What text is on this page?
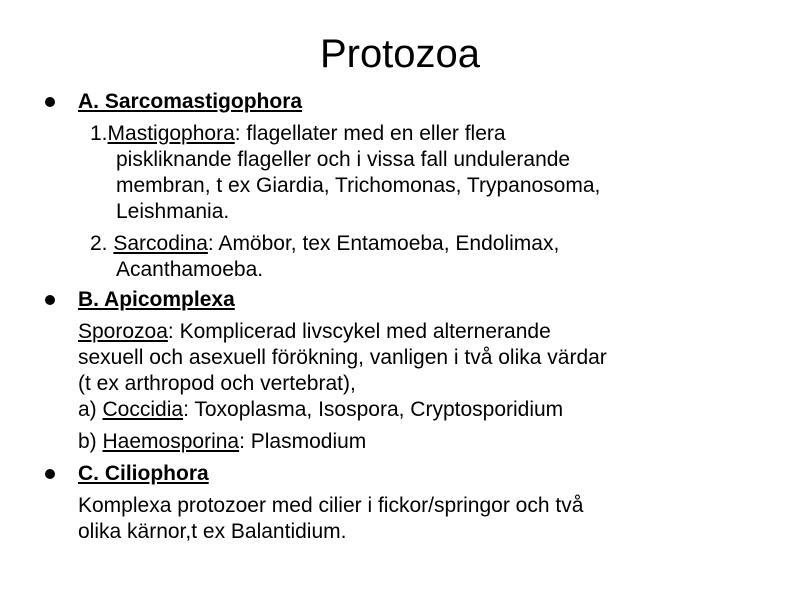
Protozoa
A. Sarcomastigophora
1.Mastigophora: flagellater med en eller flera
piskliknande flageller och i vissa fall undulerande
membran, t ex Giardia, Trichomonas, Trypanosoma,
Leishmania.
2. Sarcodina: Amöbor, tex Entamoeba, Endolimax,
Acanthamoeba.
B. Apicomplexa
Sporozoa: Komplicerad livscykel med alternerande
sexuell och asexuell förökning, vanligen i två olika värdar
(t ex arthropod och vertebrat),
a) Coccidia: Toxoplasma, Isospora, Cryptosporidium
b) Haemosporina: Plasmodium
C. Ciliophora
Komplexa protozoer med cilier i fickor/springor och två
olika kärnor,t ex Balantidium.
